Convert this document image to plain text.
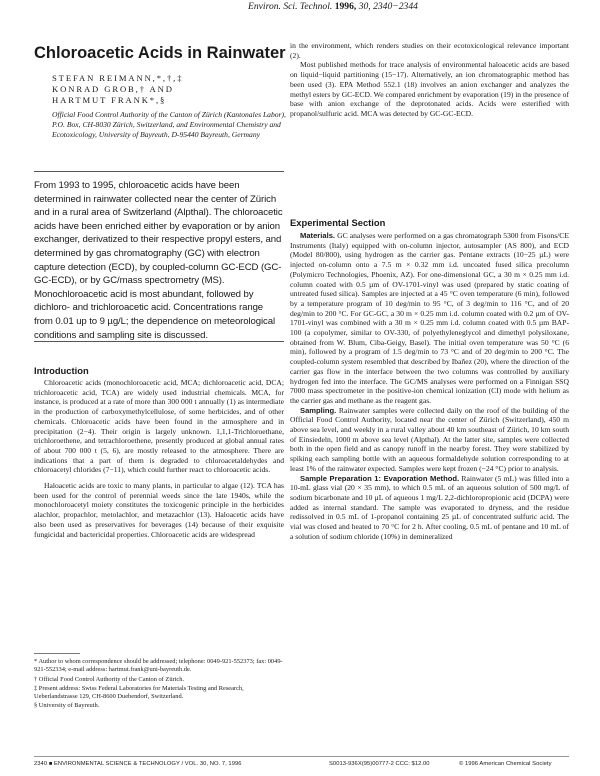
Environ. Sci. Technol. 1996, 30, 2340−2344
Chloroacetic Acids in Rainwater
STEFAN REIMANN,*,†,‡
KONRAD GROB,† AND
HARTMUT FRANK*,§
Official Food Control Authority of the Canton of Zürich (Kantonales Labor), P.O. Box, CH-8030 Zürich, Switzerland, and Environmental Chemistry and Ecotoxicology, University of Bayreuth, D-95440 Bayreuth, Germany
From 1993 to 1995, chloroacetic acids have been determined in rainwater collected near the center of Zürich and in a rural area of Switzerland (Alpthal). The chloroacetic acids have been enriched either by evaporation or by anion exchanger, derivatized to their respective propyl esters, and determined by gas chromatography (GC) with electron capture detection (ECD), by coupled-column GC-ECD (GC-GC-ECD), or by GC/mass spectrometry (MS). Monochloroacetic acid is most abundant, followed by dichloro- and trichloroacetic acid. Concentrations range from 0.01 up to 9 µg/L; the dependence on meteorological conditions and sampling site is discussed.
Introduction

Chloroacetic acids (monochloroacetic acid, MCA; dichloroacetic acid, DCA; trichloroacetic acid, TCA) are widely used industrial chemicals. MCA, for instance, is produced at a rate of more than 300 000 t annually (1) as intermediate in the production of carboxymethylcellulose, of some herbicides, and of other chemicals. Chloroacetic acids have been found in the atmosphere and in precipitation (2−4). Their origin is largely unknown. 1,1,1-Trichloroethane, trichloroethene, and tetrachloroethene, presently produced at global annual rates of about 700 000 t (5, 6), are mostly released to the atmosphere. There are indications that a part of them is degraded to chloroacetaldehydes and chloroacetyl chlorides (7−11), which could further react to chloroacetic acids.

Haloacetic acids are toxic to many plants, in particular to algae (12). TCA has been used for the control of perennial weeds since the late 1940s, while the monochloroacetyl moiety constitutes the toxicogenic principle in the herbicides alachlor, propachlor, metolachlor, and metazachlor (13). Haloacetic acids have also been used as preservatives for beverages (14) because of their exquisite fungicidal and bactericidal properties. Chloroacetic acids are widespread

* Author to whom correspondence should be addressed; telephone: 0049-921-552373; fax: 0049-921-552334; e-mail address: hartmut.frank@uni-bayreuth.de.
† Official Food Control Authority of the Canton of Zürich.
‡ Present address: Swiss Federal Laboratories for Materials Testing and Research, Ueberlandstrasse 129, CH-8600 Duebendorf, Switzerland.
§ University of Bayreuth.

in the environment, which renders studies on their ecotoxicological relevance important (2).

Most published methods for trace analysis of environmental haloacetic acids are based on liquid−liquid partitioning (15−17). Alternatively, an ion chromatographic method has been used (3). EPA Method 552.1 (18) involves an anion exchanger and analyzes the methyl esters by GC-ECD. We compared enrichment by evaporation (19) in the presence of base with anion exchange of the deprotonated acids. Acids were esterified with propanol/sulfuric acid. MCA was detected by GC-GC-ECD.

Experimental Section

Materials. GC analyses were performed on a gas chromatograph 5300 from Fisons/CE Instruments (Italy) equipped with on-column injector, autosampler (AS 800), and ECD (Model 80/800), using hydrogen as the carrier gas. Pentane extracts (10−25 µL) were injected on-column onto a 7.5 m × 0.32 mm i.d. uncoated fused silica precolumn (Polymicro Technologies, Phoenix, AZ). For one-dimensional GC, a 30 m × 0.25 mm i.d. column coated with 0.5 µm of OV-1701-vinyl was used (prepared by static coating of untreated fused silica). Samples are injected at a 45 °C oven temperature (6 min), followed by a temperature program of 10 deg/min to 95 °C, of 3 deg/min to 116 °C, and of 20 deg/min to 200 °C. For GC-GC, a 30 m × 0.25 mm i.d. column coated with 0.2 µm of OV-1701-vinyl was combined with a 30 m × 0.25 mm i.d. column coated with 0.5 µm BAP-100 (a copolymer, similar to OV-330, of polyethyleneglycol and dimethyl polysiloxane, obtained from W. Blum, Ciba-Geigy, Basel). The initial oven temperature was 50 °C (6 min), followed by a program of 1.5 deg/min to 73 °C and of 20 deg/min to 200 °C. The coupled-column system resembled that described by Ibañez (20), where the direction of the carrier gas flow in the interface between the two columns was controlled by auxiliary hydrogen fed into the interface. The GC/MS analyses were performed on a Finnigan SSQ 7000 mass spectrometer in the positive-ion chemical ionization (CI) mode with helium as the carrier gas and methane as the reagent gas.

Sampling. Rainwater samples were collected daily on the roof of the building of the Official Food Control Authority, located near the center of Zürich (Switzerland), 450 m above sea level, and weekly in a rural valley about 40 km southeast of Zürich, 10 km south of Einsiedeln, 1000 m above sea level (Alpthal). At the latter site, samples were collected both in the open field and as canopy runoff in the nearby forest. They were stabilized by spiking each sampling bottle with an aqueous formaldehyde solution corresponding to at least 1% of the rainwater expected. Samples were kept frozen (−24 °C) prior to analysis.

Sample Preparation 1: Evaporation Method. Rainwater (5 mL) was filled into a 10-mL glass vial (20 × 35 mm), to which 0.5 mL of an aqueous solution of 500 mg/L of sodium bicarbonate and 10 µL of aqueous 1 mg/L 2,2-dichloropropionic acid (DCPA) were added as internal standard. The sample was evaporated to dryness, and the residue redissolved in 0.5 mL of 1-propanol containing 25 µL of concentrated sulfuric acid. The vial was closed and heated to 70 °C for 2 h. After cooling, 0.5 mL of pentane and 10 mL of a solution of sodium chloride (10%) in demineralized

2340 ■ ENVIRONMENTAL SCIENCE & TECHNOLOGY / VOL. 30, NO. 7, 1996	S0013-936X(95)00777-2 CCC: $12.00	© 1996 American Chemical Society
